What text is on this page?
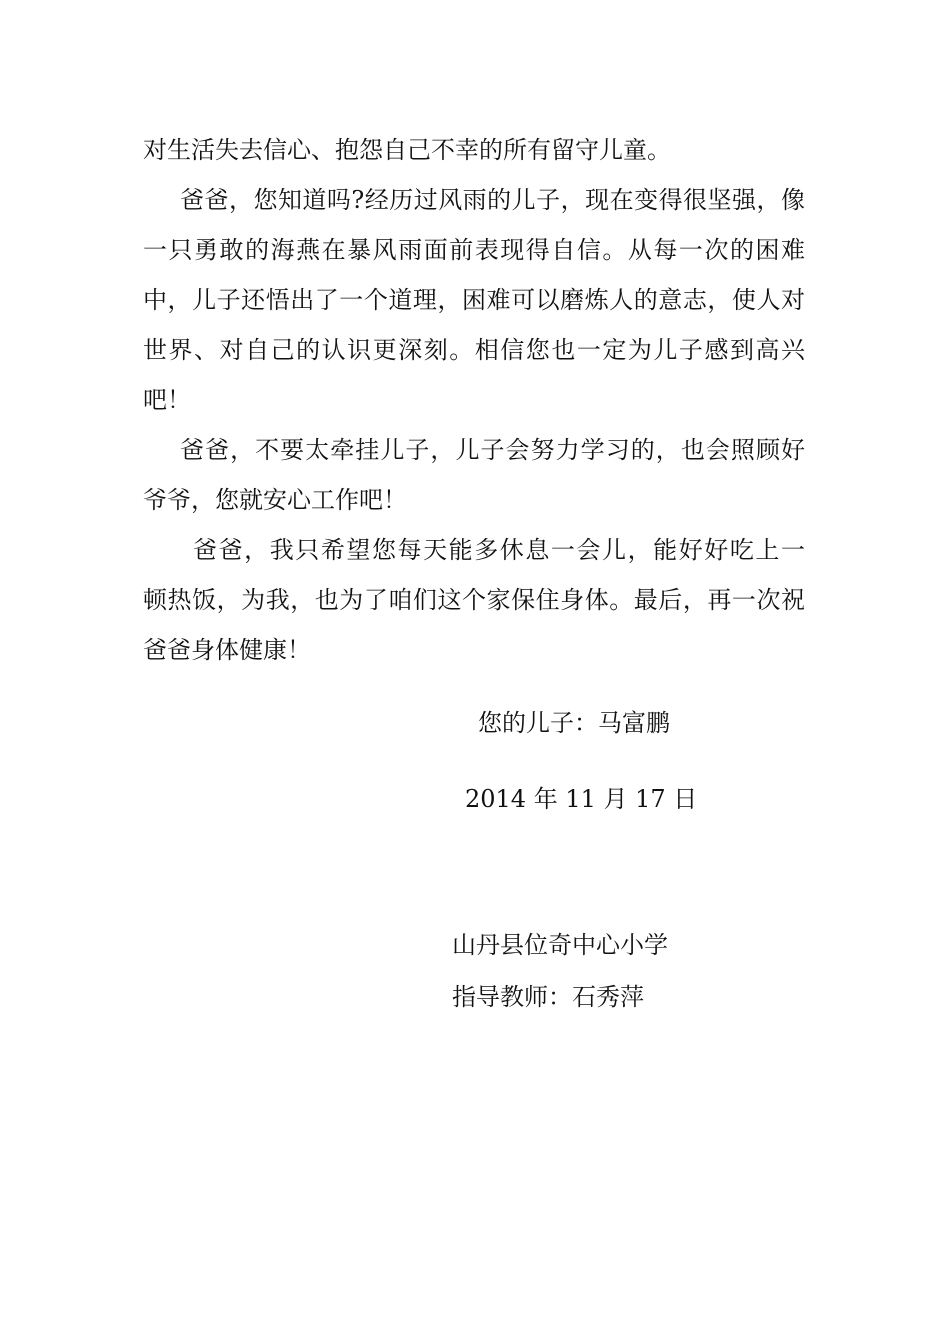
对生活失去信心、抱怨自己不幸的所有留守儿童。
爸爸，您知道吗?经历过风雨的儿子，现在变得很坚强，像
一只勇敢的海燕在暴风雨面前表现得自信。从每一次的困难
中，儿子还悟出了一个道理，困难可以磨炼人的意志，使人对
世界、对自己的认识更深刻。相信您也一定为儿子感到高兴
吧！
爸爸，不要太牵挂儿子，儿子会努力学习的，也会照顾好
爷爷，您就安心工作吧！
爸爸，我只希望您每天能多休息一会儿，能好好吃上一
顿热饭，为我，也为了咱们这个家保住身体。最后，再一次祝
爸爸身体健康！
您的儿子：马富鹏
2014 年 11 月 17 日
山丹县位奇中心小学
指导教师：石秀萍
